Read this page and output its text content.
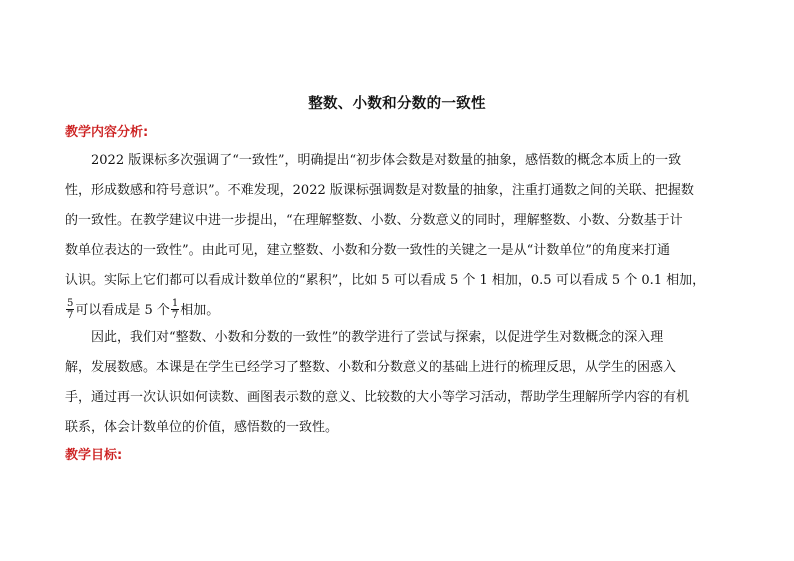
整数、小数和分数的一致性
教学内容分析:
2022 版课标多次强调了“一致性”，明确提出“初步体会数是对数量的抽象，感悟数的概念本质上的一致
性，形成数感和符号意识”。不难发现，2022 版课标强调数是对数量的抽象，注重打通数之间的关联、把握数
的一致性。在教学建议中进一步提出，“在理解整数、小数、分数意义的同时，理解整数、小数、分数基于计
数单位表达的一致性”。由此可见，建立整数、小数和分数一致性的关键之一是从“计数单位”的角度来打通
认识。实际上它们都可以看成计数单位的“累积”，比如 5 可以看成 5 个 1 相加，0.5 可以看成 5 个 0.1 相加，
$\frac{5}{7}$ 可以看成是 5 个 $\frac{1}{7}$ 相加。
因此，我们对“整数、小数和分数的一致性”的教学进行了尝试与探索，以促进学生对数概念的深入理
解，发展数感。本课是在学生已经学习了整数、小数和分数意义的基础上进行的梳理反思，从学生的困惑入
手，通过再一次认识如何读数、画图表示数的意义、比较数的大小等学习活动，帮助学生理解所学内容的有机
联系，体会计数单位的价值，感悟数的一致性。
教学目标:
